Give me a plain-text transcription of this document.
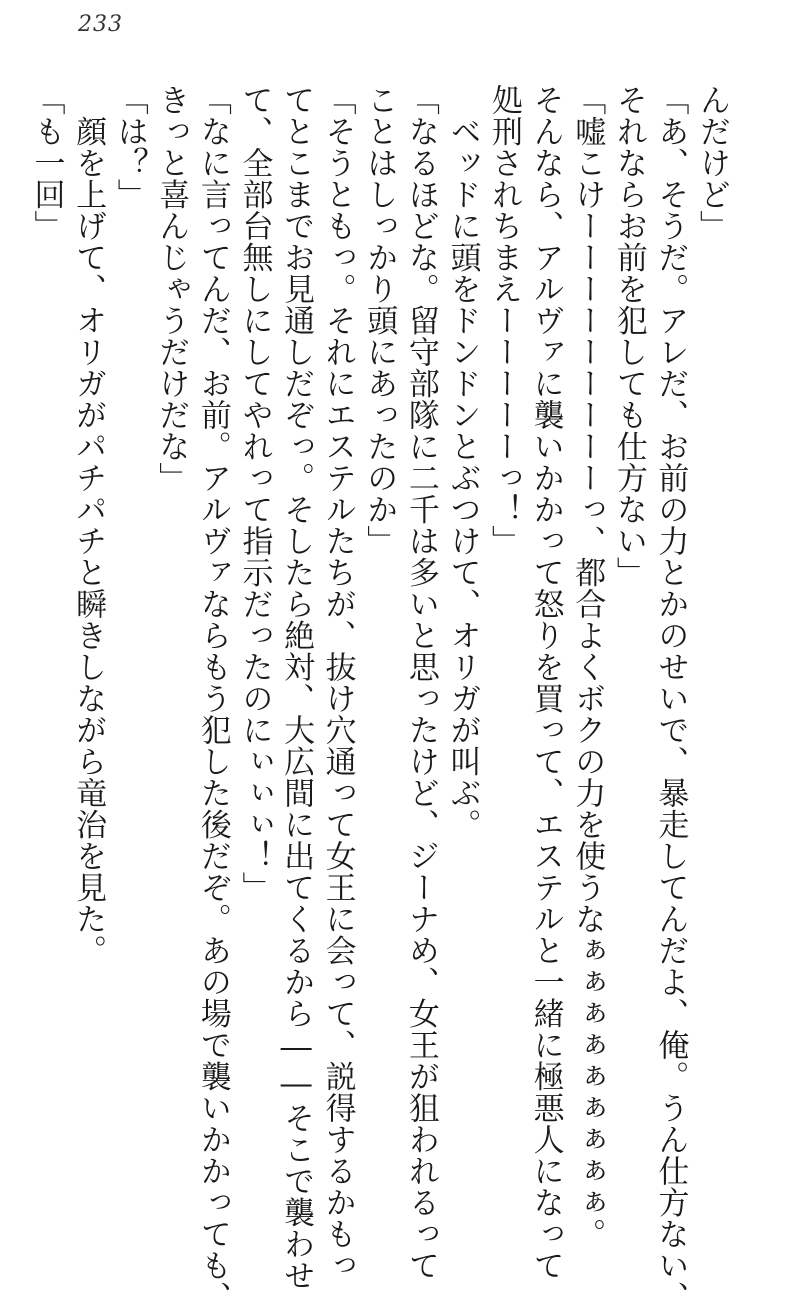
233
んだけど」
「あ、そうだ。アレだ、お前の力とかのせいで、暴走してんだよ、俺。うん仕方ない、
それならお前を犯しても仕方ない」
「嘘こけーーーーーーーーーっ、都合よくボクの力を使うなぁぁぁぁぁぁぁぁぁ。
そんなら、アルヴァに襲いかかって怒りを買って、エステルと一緒に極悪人になって
処刑されちまえーーーーーっ！」
　ベッドに頭をドンドンとぶつけて、オリガが叫ぶ。
「なるほどな。留守部隊に二千は多いと思ったけど、ジーナめ、女王が狙われるって
ことはしっかり頭にあったのか」
「そうともっ。それにエステルたちが、抜け穴通って女王に会って、説得するかもっ
てとこまでお見通しだぞっ。そしたら絶対、大広間に出てくるから――そこで襲わせ
て、全部台無しにしてやれって指示だったのにぃぃぃ！」
「なに言ってんだ、お前。アルヴァならもう犯した後だぞ。あの場で襲いかかっても、
きっと喜んじゃうだけだな」
「は？」
　顔を上げて、オリガがパチパチと瞬きしながら竜治を見た。
「も一回」
